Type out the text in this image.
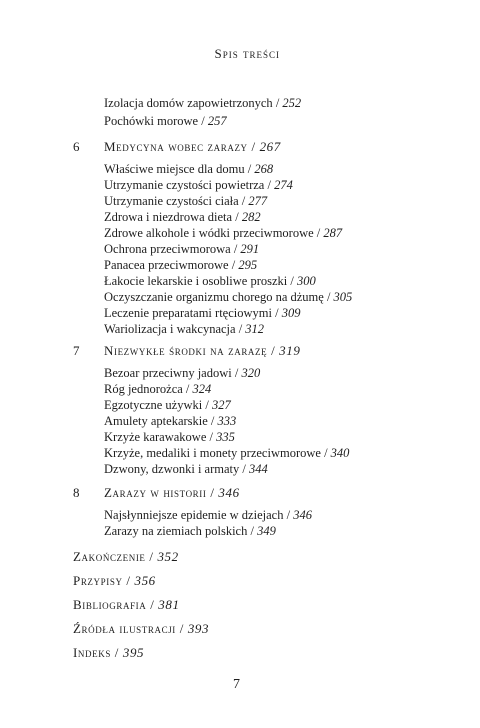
Spis treści
Izolacja domów zapowietrzonych / 252
Pochówki morowe / 257
6 Medycyna wobec zarazy / 267
Właściwe miejsce dla domu / 268
Utrzymanie czystości powietrza / 274
Utrzymanie czystości ciała / 277
Zdrowa i niezdrowa dieta / 282
Zdrowe alkohole i wódki przeciwmorowe / 287
Ochrona przeciwmorowa / 291
Panacea przeciwmorowe / 295
Łakocie lekarskie i osobliwe proszki / 300
Oczyszczanie organizmu chorego na dżumę / 305
Leczenie preparatami rtęciowymi / 309
Wariolizacja i wakcynacja / 312
7 Niezwykłe środki na zarazę / 319
Bezoar przeciwny jadowi / 320
Róg jednorożca / 324
Egzotyczne używki / 327
Amulety aptekarskie / 333
Krzyże karawakowe / 335
Krzyże, medaliki i monety przeciwmorowe / 340
Dzwony, dzwonki i armaty / 344
8 Zarazy w historii / 346
Najsłynniejsze epidemie w dziejach / 346
Zarazy na ziemiach polskich / 349
Zakończenie / 352
Przypisy / 356
Bibliografia / 381
Źródła ilustracji / 393
Indeks / 395
7
